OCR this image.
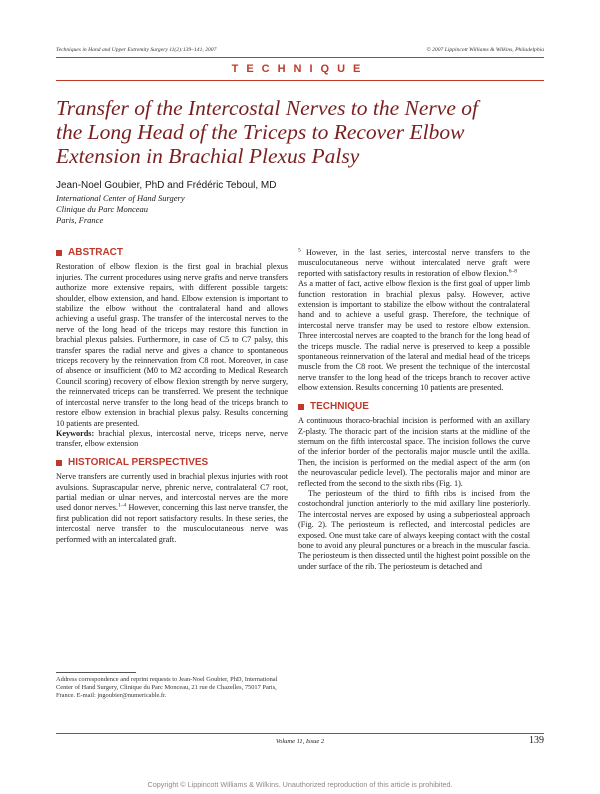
Techniques in Hand and Upper Extremity Surgery 11(2):139–141, 2007	© 2007 Lippincott Williams & Wilkins, Philadelphia
TECHNIQUE
Transfer of the Intercostal Nerves to the Nerve of the Long Head of the Triceps to Recover Elbow Extension in Brachial Plexus Palsy
Jean-Noel Goubier, PhD and Frédéric Teboul, MD
International Center of Hand Surgery
Clinique du Parc Monceau
Paris, France
ABSTRACT

Restoration of elbow flexion is the first goal in brachial plexus injuries. The current procedures using nerve grafts and nerve transfers authorize more extensive repairs, with different possible targets: shoulder, elbow extension, and hand. Elbow extension is important to stabilize the elbow without the contralateral hand and allows achieving a useful grasp. The transfer of the intercostal nerves to the nerve of the long head of the triceps may restore this function in brachial plexus palsies. Furthermore, in case of C5 to C7 palsy, this transfer spares the radial nerve and gives a chance to spontaneous triceps recovery by the reinnervation from C8 root. Moreover, in case of absence or insufficient (M0 to M2 according to Medical Research Council scoring) recovery of elbow flexion strength by nerve surgery, the reinnervated triceps can be transferred. We present the technique of intercostal nerve transfer to the long head of the triceps branch to restore elbow extension in brachial plexus palsy. Results concerning 10 patients are presented.

Keywords: brachial plexus, intercostal nerve, triceps nerve, nerve transfer, elbow extension

HISTORICAL PERSPECTIVES

Nerve transfers are currently used in brachial plexus injuries with root avulsions. Suprascapular nerve, phrenic nerve, contralateral C7 root, partial median or ulnar nerves, and intercostal nerves are the more used donor nerves.$^{1-4}$ However, concerning this last nerve transfer, the first publication did not report satisfactory results. In these series, the intercostal nerve transfer to the musculocutaneous nerve was performed with an intercalated graft.

$^5$ However, in the last series, intercostal nerve transfers to the musculocutaneous nerve without intercalated nerve graft were reported with satisfactory results in restoration of elbow flexion.$^{6-8}$

As a matter of fact, active elbow flexion is the first goal of upper limb function restoration in brachial plexus palsy. However, active extension is important to stabilize the elbow without the contralateral hand and to achieve a useful grasp. Therefore, the technique of intercostal nerve transfer may be used to restore elbow extension. Three intercostal nerves are coapted to the branch for the long head of the triceps muscle. The radial nerve is preserved to keep a possible spontaneous reinnervation of the lateral and medial head of the triceps muscle from the C8 root. We present the technique of the intercostal nerve transfer to the long head of the triceps branch to recover active elbow extension. Results concerning 10 patients are presented.

TECHNIQUE

A continuous thoraco-brachial incision is performed with an axillary Z-plasty. The thoracic part of the incision starts at the midline of the sternum on the fifth intercostal space. The incision follows the curve of the inferior border of the pectoralis major muscle until the axilla. Then, the incision is performed on the medial aspect of the arm (on the neurovascular pedicle level). The pectoralis major and minor are reflected from the second to the sixth ribs (Fig. 1).

The periosteum of the third to fifth ribs is incised from the costochondral junction anteriorly to the mid axillary line posteriorly. The intercostal nerves are exposed by using a subperiosteal approach (Fig. 2). The periosteum is reflected, and intercostal pedicles are exposed. One must take care of always keeping contact with the costal bone to avoid any pleural punctures or a breach in the muscular fascia. The periosteum is then dissected until the highest point possible on the under surface of the rib. The periosteum is detached and

Address correspondence and reprint requests to Jean-Noel Goubier, PhD, International Center of Hand Surgery, Clinique du Parc Monceau, 21 rue de Chazelles, 75017 Paris, France. E-mail: jngoubier@numericable.fr.
Volume 11, Issue 2	139
Copyright © Lippincott Williams & Wilkins. Unauthorized reproduction of this article is prohibited.
